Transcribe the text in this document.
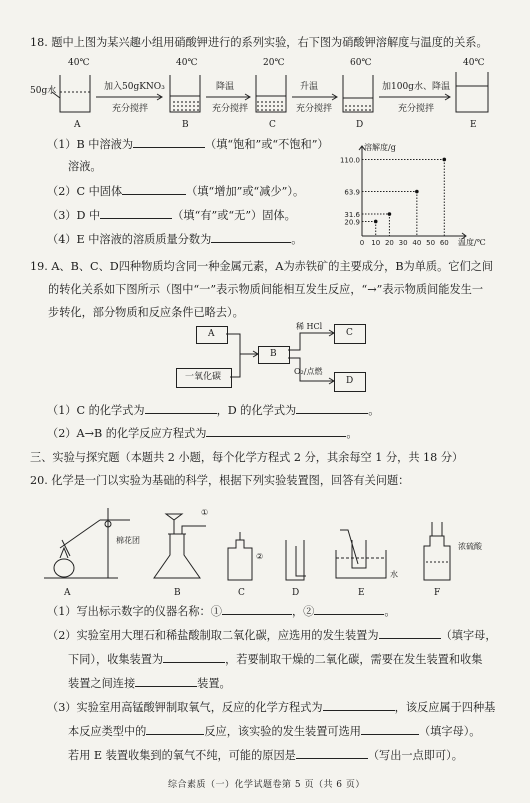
18. 题中上图为某兴趣小组用硝酸钾进行的系列实验，右下图为硝酸钾溶解度与温度的关系。
40℃	40℃	20℃	60℃	40℃
50g水	加入50gKNO₃
充分搅拌
降温
充分搅拌
升温
充分搅拌
加100g水、降温
充分搅拌
A	B	C	D	E
（1）B 中溶液为	（填“饱和”或“不饱和”）
溶液。
（2）C 中固体	（填“增加”或“减少”）。
（3）D 中	（填“有”或“无”）固体。
（4）E 中溶液的溶质质量分数为	。	0 10 20 30 40 50 60
20.9
31.6
63.9
110.0
溶解度/g
温度/℃
19. A、B、C、D四种物质均含同一种金属元素，A为赤铁矿的主要成分，B为单质。它们之间
的转化关系如下图所示（图中“一”表示物质间能相互发生反应，“→”表示物质间能发生一
步转化，部分物质和反应条件已略去）。
A
B
C
D
一氧化碳
稀 HCl
O₂/点燃
（1）C 的化学式为	，D 的化学式为	。
（2）A→B 的化学反应方程式为	。
三、实验与探究题（本题共 2 小题，每个化学方程式 2 分，其余每空 1 分，共 18 分）
20. 化学是一门以实验为基础的科学，根据下列实验装置图，回答有关问题：
①
②
棉花团
水
浓硫酸
A	B	C	D	E	F
（1）写出标示数字的仪器名称：①	，②	。
（2）实验室用大理石和稀盐酸制取二氧化碳，应选用的发生装置为	（填字母，
下同），收集装置为	，若要制取干燥的二氧化碳，需要在发生装置和收集
装置之间连接	装置。
（3）实验室用高锰酸钾制取氧气，反应的化学方程式为	，该反应属于四种基
本反应类型中的	反应，该实验的发生装置可选用	（填字母）。
若用 E 装置收集到的氧气不纯，可能的原因是	（写出一点即可）。
综合素质（一）化学试题卷第 5 页（共 6 页）
